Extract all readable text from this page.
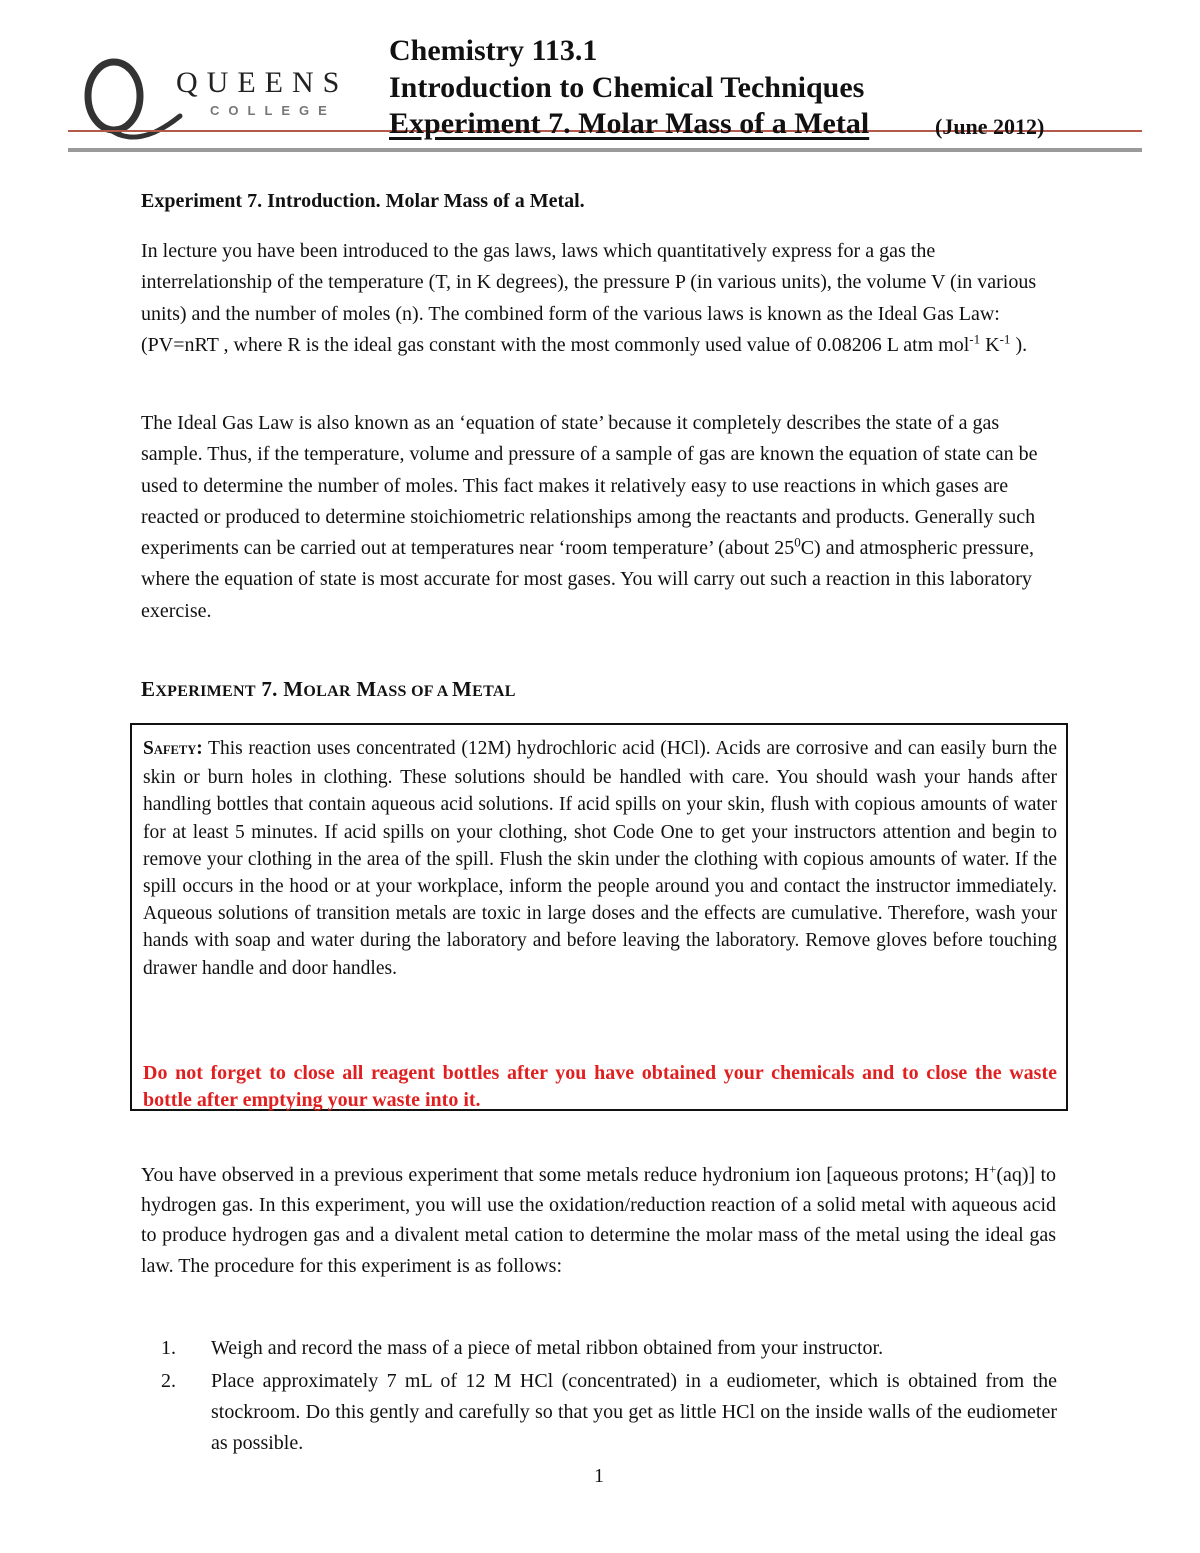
QUEENS
COLLEGE
Chemistry 113.1
Introduction to Chemical Techniques
Experiment 7. Molar Mass of a Metal	(June 2012)
Experiment 7. Introduction. Molar Mass of a Metal.

In lecture you have been introduced to the gas laws, laws which quantitatively express for a gas the interrelationship of the temperature (T, in K degrees), the pressure P (in various units), the volume V (in various units) and the number of moles (n). The combined form of the various laws is known as the Ideal Gas Law: (PV=nRT , where R is the ideal gas constant with the most commonly used value of 0.08206 L atm mol$^{-1}$ $K^{-1}$ ).

The Ideal Gas Law is also known as an ‘equation of state’ because it completely describes the state of a gas sample. Thus, if the temperature, volume and pressure of a sample of gas are known the equation of state can be used to determine the number of moles. This fact makes it relatively easy to use reactions in which gases are reacted or produced to determine stoichiometric relationships among the reactants and products. Generally such experiments can be carried out at temperatures near ‘room temperature’ (about $25^0C$) and atmospheric pressure, where the equation of state is most accurate for most gases. You will carry out such a reaction in this laboratory exercise.

EXPERIMENT 7. MOLAR MASS OF A METAL

SAFETY: This reaction uses concentrated (12M) hydrochloric acid (HCl). Acids are corrosive and can easily burn the skin or burn holes in clothing. These solutions should be handled with care. You should wash your hands after handling bottles that contain aqueous acid solutions. If acid spills on your skin, flush with copious amounts of water for at least 5 minutes. If acid spills on your clothing, shot Code One to get your instructors attention and begin to remove your clothing in the area of the spill. Flush the skin under the clothing with copious amounts of water. If the spill occurs in the hood or at your workplace, inform the people around you and contact the instructor immediately. Aqueous solutions of transition metals are toxic in large doses and the effects are cumulative. Therefore, wash your hands with soap and water during the laboratory and before leaving the laboratory. Remove gloves before touching drawer handle and door handles.

Do not forget to close all reagent bottles after you have obtained your chemicals and to close the waste bottle after emptying your waste into it.

You have observed in a previous experiment that some metals reduce hydronium ion [aqueous protons; H+(aq)] to hydrogen gas. In this experiment, you will use the oxidation/reduction reaction of a solid metal with aqueous acid to produce hydrogen gas and a divalent metal cation to determine the molar mass of the metal using the ideal gas law. The procedure for this experiment is as follows:

1. Weigh and record the mass of a piece of metal ribbon obtained from your instructor.
2. Place approximately 7 mL of 12 M HCl (concentrated) in a eudiometer, which is obtained from the stockroom. Do this gently and carefully so that you get as little HCl on the inside walls of the eudiometer as possible.
1
